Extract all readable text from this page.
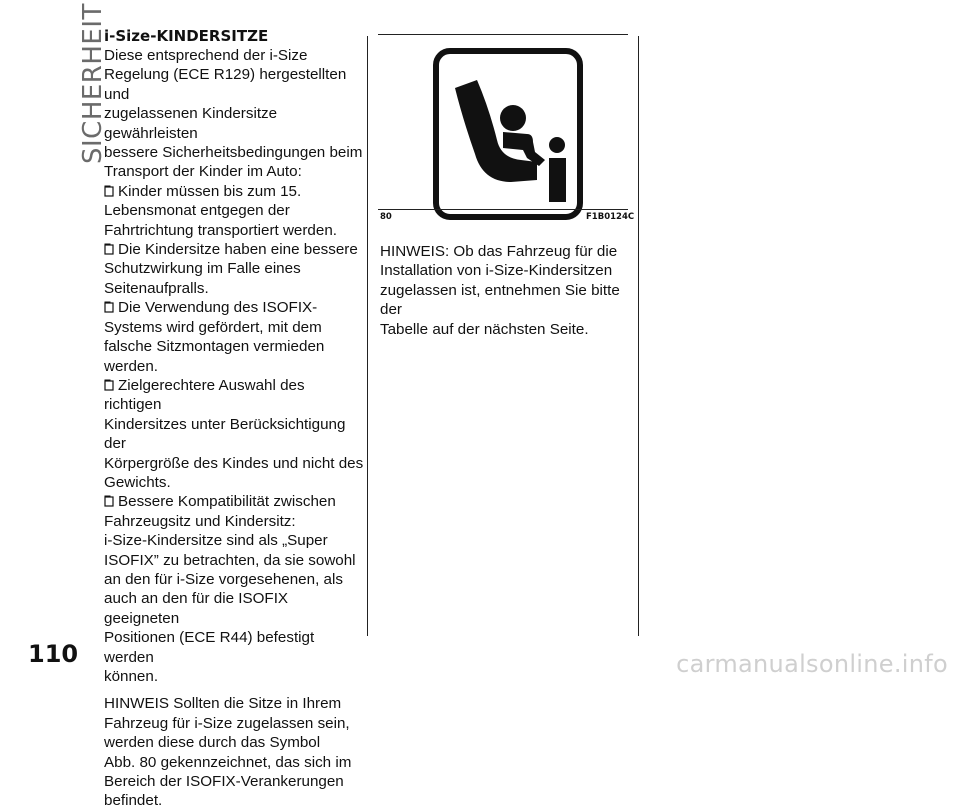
SICHERHEIT
i-Size-KINDERSITZE
Diese entsprechend der i-Size
Regelung (ECE R129) hergestellten und
zugelassenen Kindersitze gewährleisten
bessere Sicherheitsbedingungen beim
Transport der Kinder im Auto:
Kinder müssen bis zum 15.
Lebensmonat entgegen der
Fahrtrichtung transportiert werden.
Die Kindersitze haben eine bessere
Schutzwirkung im Falle eines
Seitenaufpralls.
Die Verwendung des ISOFIX-
Systems wird gefördert, mit dem
falsche Sitzmontagen vermieden
werden.
Zielgerechtere Auswahl des richtigen
Kindersitzes unter Berücksichtigung der
Körpergröße des Kindes und nicht des
Gewichts.
Bessere Kompatibilität zwischen
Fahrzeugsitz und Kindersitz:
i-Size-Kindersitze sind als „Super
ISOFIX” zu betrachten, da sie sowohl
an den für i-Size vorgesehenen, als
auch an den für die ISOFIX geeigneten
Positionen (ECE R44) befestigt werden
können.
HINWEIS Sollten die Sitze in Ihrem
Fahrzeug für i-Size zugelassen sein,
werden diese durch das Symbol
Abb. 80 gekennzeichnet, das sich im
Bereich der ISOFIX-Verankerungen
befindet.
80	F1B0124C
HINWEIS: Ob das Fahrzeug für die
Installation von i-Size-Kindersitzen
zugelassen ist, entnehmen Sie bitte der
Tabelle auf der nächsten Seite.
110	carmanualsonline.info
